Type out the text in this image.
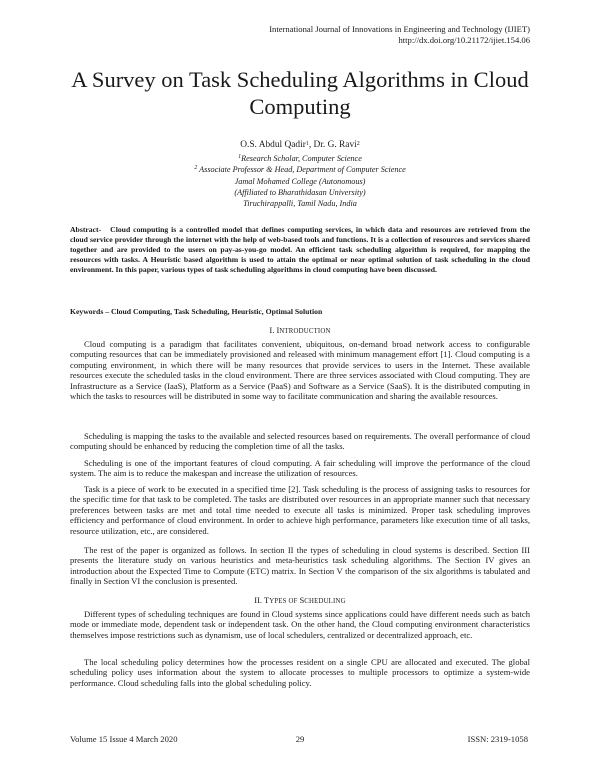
International Journal of Innovations in Engineering and Technology (IJIET)
http://dx.doi.org/10.21172/ijiet.154.06
A Survey on Task Scheduling Algorithms in Cloud Computing
O.S. Abdul Qadir$^1$, Dr. G. Ravi$^2$
$^1$Research Scholar, Computer Science
$^2$ Associate Professor & Head, Department of Computer Science
Jamal Mohamed College (Autonomous)
(Affiliated to Bharathidasan University)
Tiruchirappalli, Tamil Nadu, India
Abstract- Cloud computing is a controlled model that defines computing services, in which data and resources are retrieved from the cloud service provider through the internet with the help of web-based tools and functions. It is a collection of resources and services shared together and are provided to the users on pay-as-you-go model. An efficient task scheduling algorithm is required, for mapping the resources with tasks. A Heuristic based algorithm is used to attain the optimal or near optimal solution of task scheduling in the cloud environment. In this paper, various types of task scheduling algorithms in cloud computing have been discussed.
Keywords – Cloud Computing, Task Scheduling, Heuristic, Optimal Solution
I. INTRODUCTION

Cloud computing is a paradigm that facilitates convenient, ubiquitous, on-demand broad network access to configurable computing resources that can be immediately provisioned and released with minimum management effort [1]. Cloud computing is a computing environment, in which there will be many resources that provide services to users in the Internet. These available resources execute the scheduled tasks in the cloud environment. There are three services associated with Cloud computing. They are Infrastructure as a Service (IaaS), Platform as a Service (PaaS) and Software as a Service (SaaS). It is the distributed computing in which the tasks to resources will be distributed in some way to facilitate communication and sharing the available resources.

Scheduling is mapping the tasks to the available and selected resources based on requirements. The overall performance of cloud computing should be enhanced by reducing the completion time of all the tasks.

Scheduling is one of the important features of cloud computing. A fair scheduling will improve the performance of the cloud system. The aim is to reduce the makespan and increase the utilization of resources.

Task is a piece of work to be executed in a specified time [2]. Task scheduling is the process of assigning tasks to resources for the specific time for that task to be completed. The tasks are distributed over resources in an appropriate manner such that necessary preferences between tasks are met and total time needed to execute all tasks is minimized. Proper task scheduling improves efficiency and performance of cloud environment. In order to achieve high performance, parameters like execution time of all tasks, resource utilization, etc., are considered.

The rest of the paper is organized as follows. In section II the types of scheduling in cloud systems is described. Section III presents the literature study on various heuristics and meta-heuristics task scheduling algorithms. The Section IV gives an introduction about the Expected Time to Compute (ETC) matrix. In Section V the comparison of the six algorithms is tabulated and finally in Section VI the conclusion is presented.

II. TYPES OF SCHEDULING

Different types of scheduling techniques are found in Cloud systems since applications could have different needs such as batch mode or immediate mode, dependent task or independent task. On the other hand, the Cloud computing environment characteristics themselves impose restrictions such as dynamism, use of local schedulers, centralized or decentralized approach, etc.

The local scheduling policy determines how the processes resident on a single CPU are allocated and executed. The global scheduling policy uses information about the system to allocate processes to multiple processors to optimize a system-wide performance. Cloud scheduling falls into the global scheduling policy.

Volume 15 Issue 4 March 2020	29	ISSN: 2319-1058
